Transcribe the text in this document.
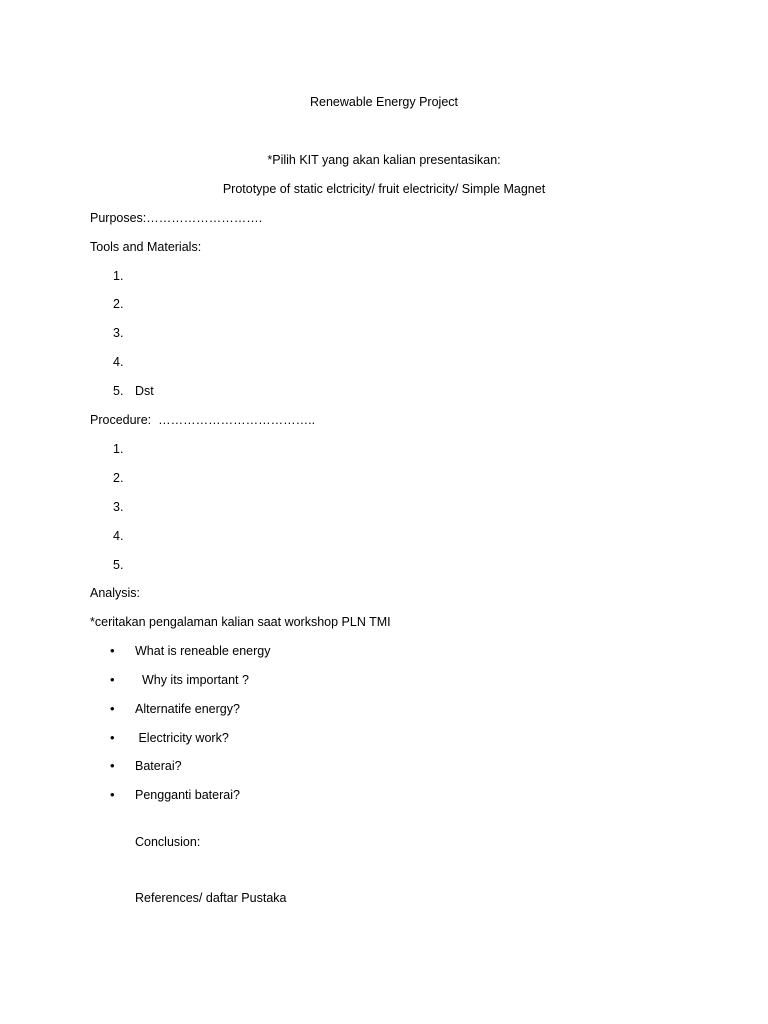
Renewable Energy Project
*Pilih KIT yang akan kalian presentasikan:
Prototype of static elctricity/ fruit electricity/ Simple Magnet
Purposes:……………………….
Tools and Materials:
1.
2.
3.
4.
5. Dst
Procedure:  ………………………………..
1.
2.
3.
4.
5.
Analysis:
*ceritakan pengalaman kalian saat workshop PLN TMI
• What is reneable energy
• Why its important ?
• Alternatife energy?
• Electricity work?
• Baterai?
• Pengganti baterai?
Conclusion:
References/ daftar Pustaka
